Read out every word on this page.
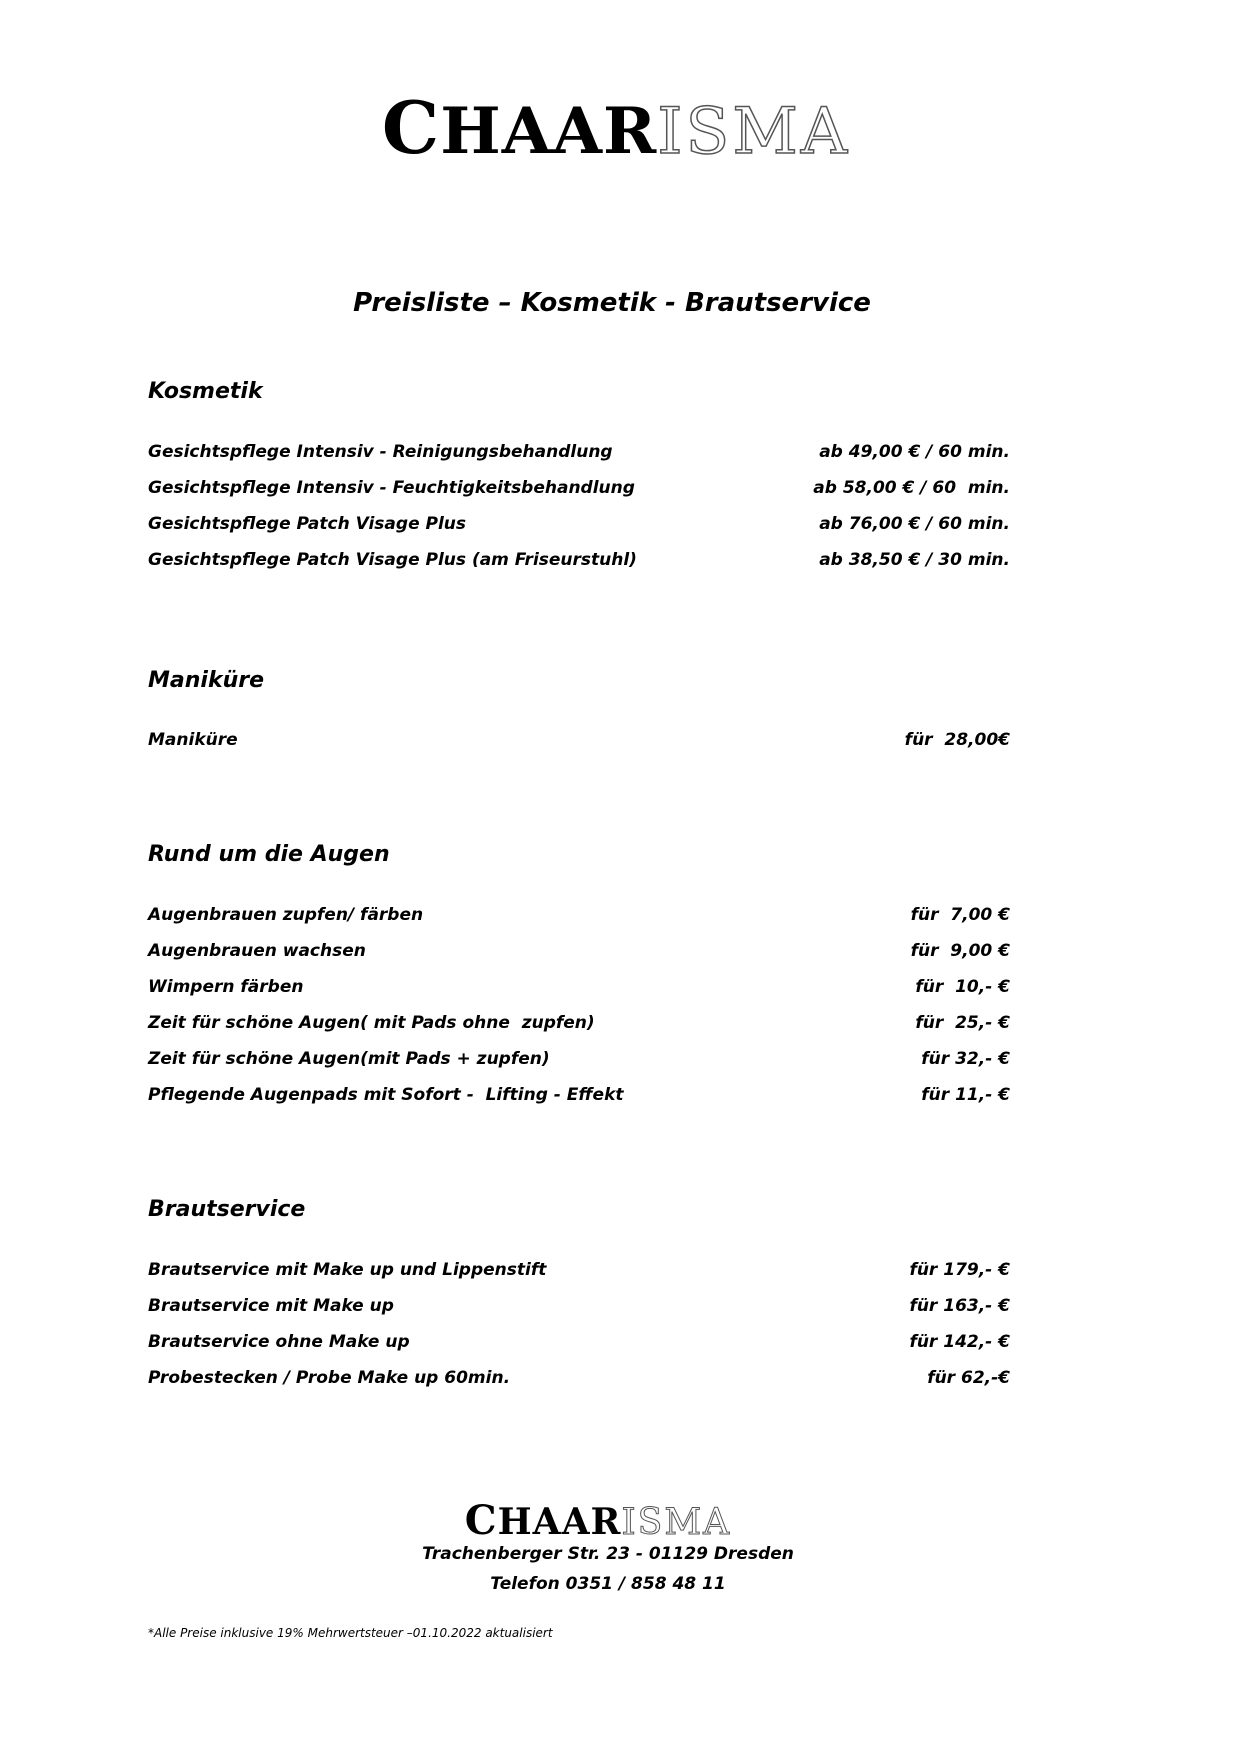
CHAARISMA
Preisliste – Kosmetik - Brautservice
Kosmetik
Gesichtspflege Intensiv - Reinigungsbehandlung	ab 49,00 € / 60 min.
Gesichtspflege Intensiv - Feuchtigkeitsbehandlung	ab 58,00 € / 60  min.
Gesichtspflege Patch Visage Plus	ab 76,00 € / 60 min.
Gesichtspflege Patch Visage Plus (am Friseurstuhl)	ab 38,50 € / 30 min.
Maniküre
Maniküre	für  28,00€
Rund um die Augen
Augenbrauen zupfen/ färben	für  7,00 €
Augenbrauen wachsen	für  9,00 €
Wimpern färben	für  10,- €
Zeit für schöne Augen( mit Pads ohne  zupfen)	für  25,- €
Zeit für schöne Augen(mit Pads + zupfen)	für 32,- €
Pflegende Augenpads mit Sofort -  Lifting - Effekt	für 11,- €
Brautservice
Brautservice mit Make up und Lippenstift	für 179,- €
Brautservice mit Make up	für 163,- €
Brautservice ohne Make up	für 142,- €
Probestecken / Probe Make up 60min.	für 62,-€
CHAARISMA
Trachenberger Str. 23 - 01129 Dresden
Telefon 0351 / 858 48 11
*Alle Preise inklusive 19% Mehrwertsteuer –01.10.2022 aktualisiert
